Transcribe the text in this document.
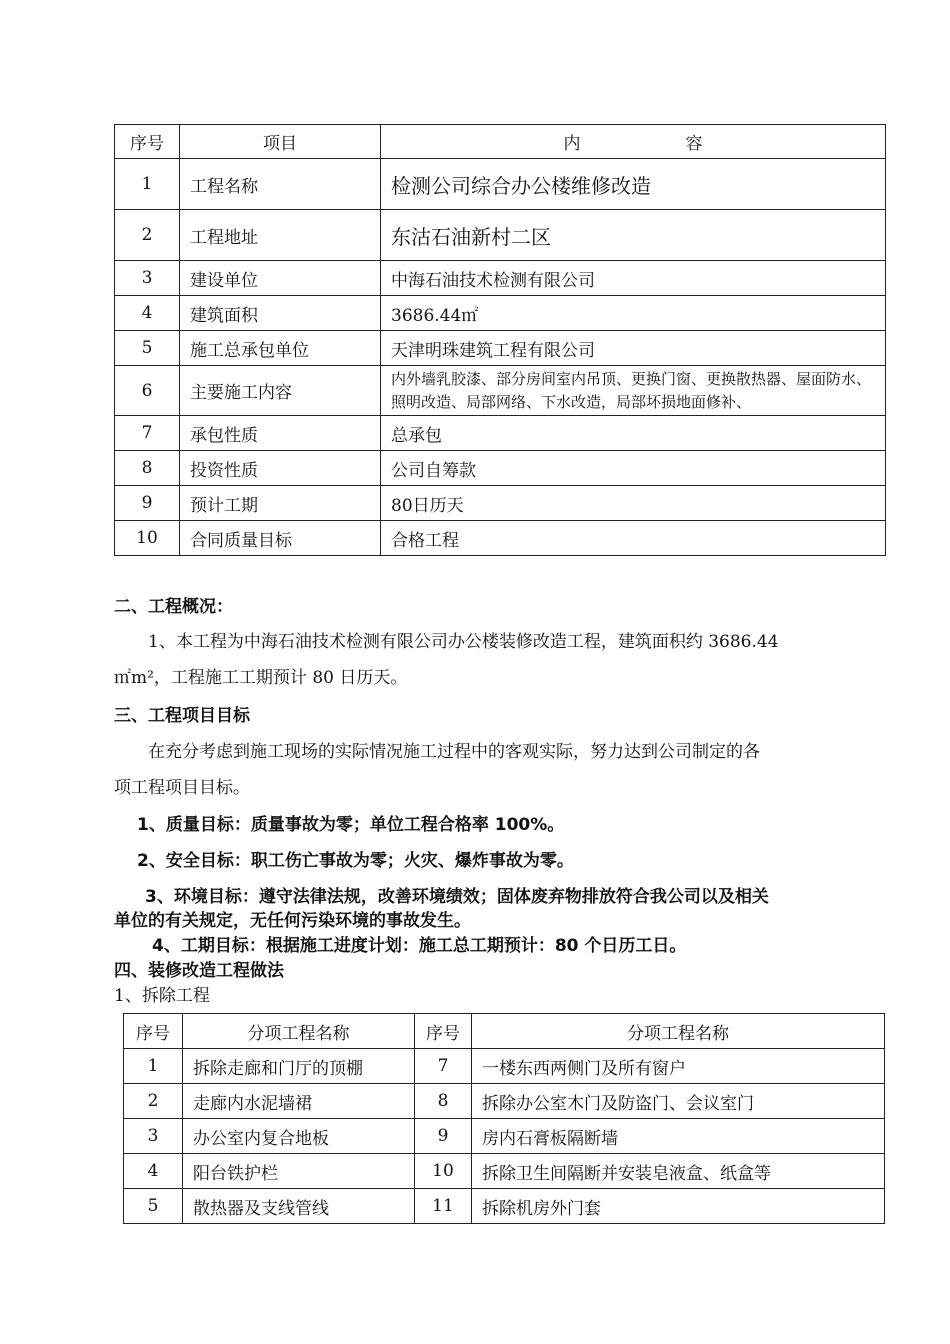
序号	项目	内 容
1	工程名称	检测公司综合办公楼维修改造
2	工程地址	东沽石油新村二区
3	建设单位	中海石油技术检测有限公司
4	建筑面积	3686.44㎡
5	施工总承包单位	天津明珠建筑工程有限公司
6	主要施工内容	内外墙乳胶漆、部分房间室内吊顶、更换门窗、更换散热器、屋面防水、照明改造、局部网络、下水改造，局部坏损地面修补、
7	承包性质	总承包
8	投资性质	公司自筹款
9	预计工期	80日历天
10	合同质量目标	合格工程
二、工程概况：
1、本工程为中海石油技术检测有限公司办公楼装修改造工程，建筑面积约 3686.44
㎡m²，工程施工工期预计 80 日历天。
三、工程项目目标
在充分考虑到施工现场的实际情况施工过程中的客观实际，努力达到公司制定的各
项工程项目目标。
1、质量目标：质量事故为零；单位工程合格率 100%。
2、安全目标：职工伤亡事故为零；火灾、爆炸事故为零。
3、环境目标：遵守法律法规，改善环境绩效；固体废弃物排放符合我公司以及相关
单位的有关规定，无任何污染环境的事故发生。
4、工期目标：根据施工进度计划：施工总工期预计：80 个日历工日。
四、装修改造工程做法
1、拆除工程
序号	分项工程名称	序号	分项工程名称
1	拆除走廊和门厅的顶棚	7	一楼东西两侧门及所有窗户
2	走廊内水泥墙裙	8	拆除办公室木门及防盗门、会议室门
3	办公室内复合地板	9	房内石膏板隔断墙
4	阳台铁护栏	10	拆除卫生间隔断并安装皂液盒、纸盒等
5	散热器及支线管线	11	拆除机房外门套
